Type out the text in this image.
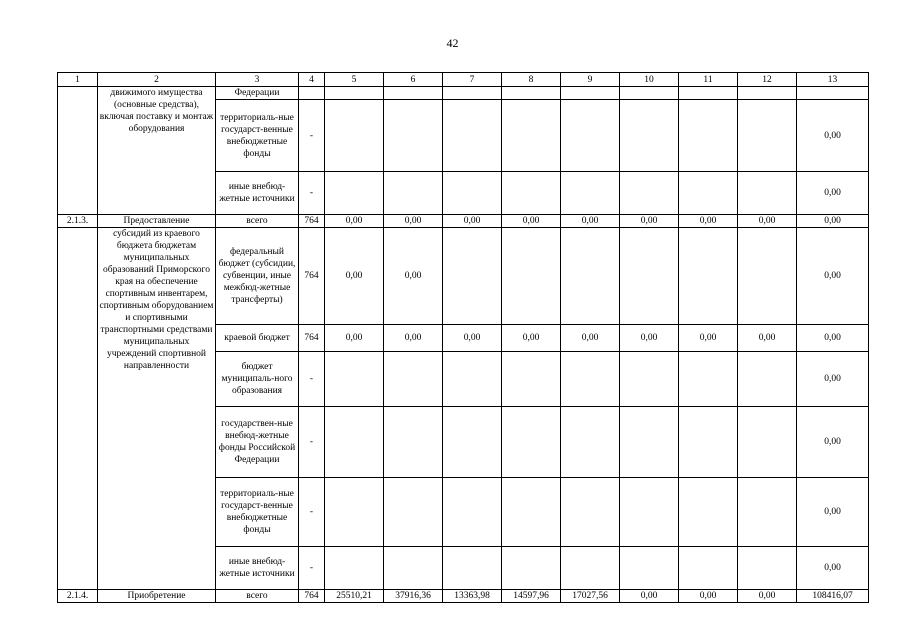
42
1	2	3	4	5	6	7	8	9	10	11	12	13
	движимого имущества (основные средства), включая поставку и монтаж оборудования	Федерации										
		территориаль-ные государст-венные внебюджетные фонды	-									0,00
		иные внебюд-жетные источники	-									0,00
2.1.3.	Предоставление	всего	764	0,00	0,00	0,00	0,00	0,00	0,00	0,00	0,00	0,00
	субсидий из краевого бюджета бюджетам муниципальных образований Приморского края на обеспечение спортивным инвентарем, спортивным оборудованием и спортивными транспортными средствами муниципальных учреждений спортивной направленности	федеральный бюджет (субсидии, субвенции, иные межбюд-жетные трансферты)	764	0,00	0,00							0,00
		краевой бюджет	764	0,00	0,00	0,00	0,00	0,00	0,00	0,00	0,00	0,00
		бюджет муниципаль-ного образования	-									0,00
		государствен-ные внебюд-жетные фонды Российской Федерации	-									0,00
		территориаль-ные государст-венные внебюджетные фонды	-									0,00
		иные внебюд-жетные источники	-									0,00
2.1.4.	Приобретение	всего	764	25510,21	37916,36	13363,98	14597,96	17027,56	0,00	0,00	0,00	108416,07
